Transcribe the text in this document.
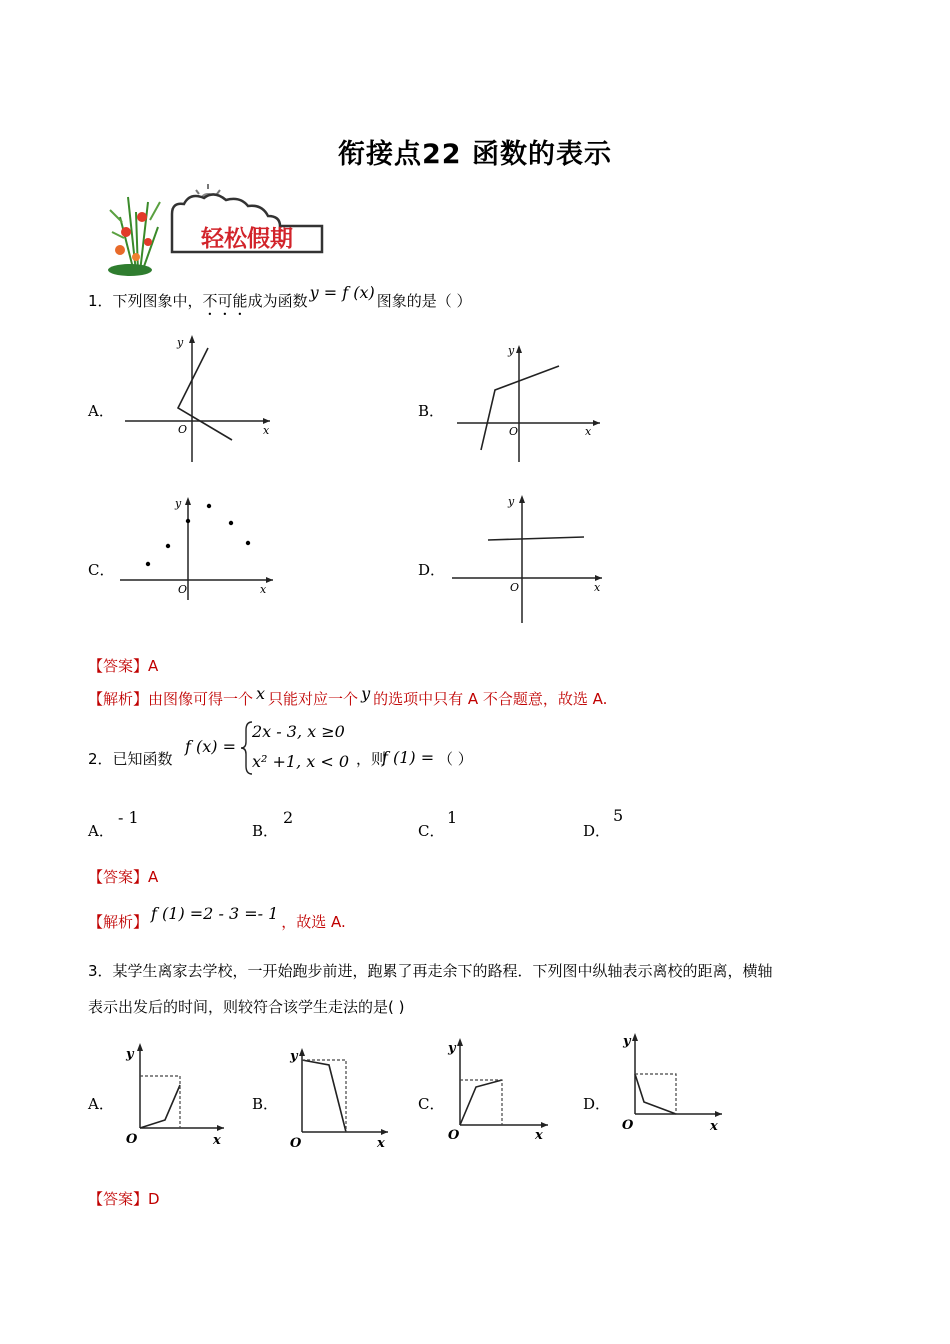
衔接点22 函数的表示
轻松假期
1．下列图象中，不可能成为函数 y = f (x) 图象的是（ ）
A．	B．
C．	D．
y
x
O
y
x
O
y
x
O
y
x
O
【答案】A
【解析】由图像可得一个 x 只能对应一个 y 的选项中只有 A 不合题意，故选 A.
2．已知函数
f (x) =
2x - 3, x ≥0
x² +1, x < 0 ，则
f (1) = （ ）
A．
- 1
B．
2
C．
1
D．
5
【答案】A
【解析】 f (1) =2 - 3 =- 1 ，故选 A.
3．某学生离家去学校，一开始跑步前进，跑累了再走余下的路程．下列图中纵轴表示离校的距离，横轴
表示出发后的时间，则较符合该学生走法的是( )
A．	B．	C．	D．
y
x
O
y
x
O
y
x
O
y
x
O
【答案】D
